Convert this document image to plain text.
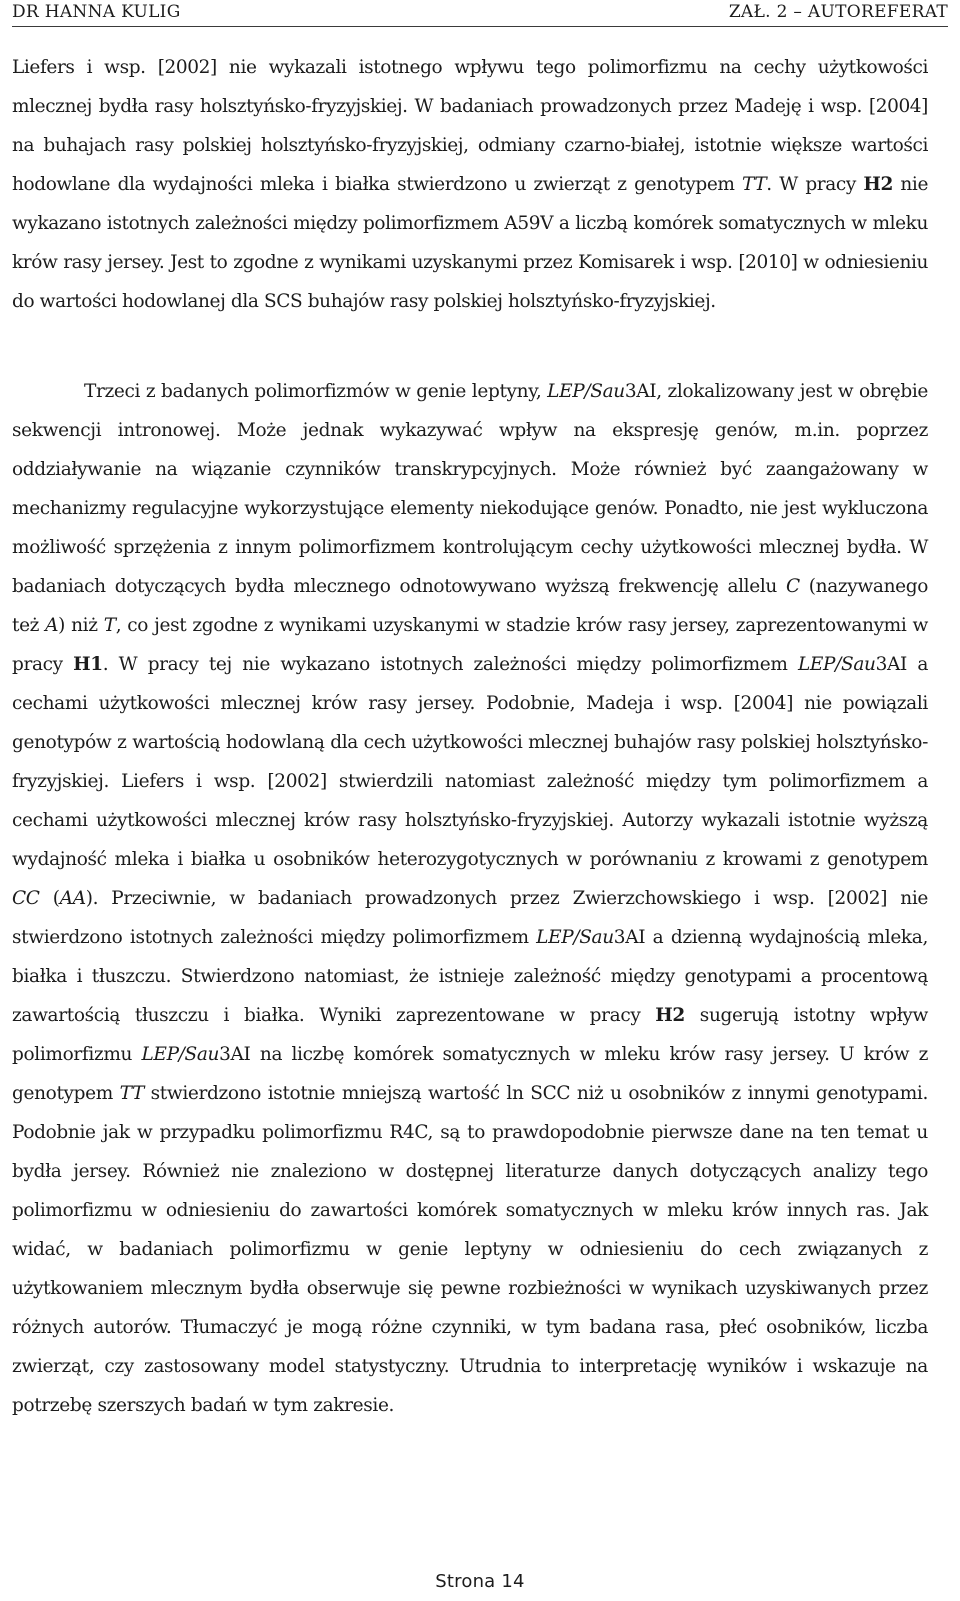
DR HANNA KULIG	ZAŁ. 2 – AUTOREFERAT
Liefers i wsp. [2002] nie wykazali istotnego wpływu tego polimorfizmu na cechy użytkowości mlecznej bydła rasy holsztyńsko-fryzyjskiej. W badaniach prowadzonych przez Madeję i wsp. [2004] na buhajach rasy polskiej holsztyńsko-fryzyjskiej, odmiany czarno-białej, istotnie większe wartości hodowlane dla wydajności mleka i białka stwierdzono u zwierząt z genotypem TT. W pracy H2 nie wykazano istotnych zależności między polimorfizmem A59V a liczbą komórek somatycznych w mleku krów rasy jersey. Jest to zgodne z wynikami uzyskanymi przez Komisarek i wsp. [2010] w odniesieniu do wartości hodowlanej dla SCS buhajów rasy polskiej holsztyńsko-fryzyjskiej.
Trzeci z badanych polimorfizmów w genie leptyny, LEP/Sau3AI, zlokalizowany jest w obrębie sekwencji intronowej. Może jednak wykazywać wpływ na ekspresję genów, m.in. poprzez oddziaływanie na wiązanie czynników transkrypcyjnych. Może również być zaangażowany w mechanizmy regulacyjne wykorzystujące elementy niekodujące genów. Ponadto, nie jest wykluczona możliwość sprzężenia z innym polimorfizmem kontrolującym cechy użytkowości mlecznej bydła. W badaniach dotyczących bydła mlecznego odnotowywano wyższą frekwencję allelu C (nazywanego też A) niż T, co jest zgodne z wynikami uzyskanymi w stadzie krów rasy jersey, zaprezentowanymi w pracy H1. W pracy tej nie wykazano istotnych zależności między polimorfizmem LEP/Sau3AI a cechami użytkowości mlecznej krów rasy jersey. Podobnie, Madeja i wsp. [2004] nie powiązali genotypów z wartością hodowlaną dla cech użytkowości mlecznej buhajów rasy polskiej holsztyńsko-fryzyjskiej. Liefers i wsp. [2002] stwierdzili natomiast zależność między tym polimorfizmem a cechami użytkowości mlecznej krów rasy holsztyńsko-fryzyjskiej. Autorzy wykazali istotnie wyższą wydajność mleka i białka u osobników heterozygotycznych w porównaniu z krowami z genotypem CC (AA). Przeciwnie, w badaniach prowadzonych przez Zwierzchowskiego i wsp. [2002] nie stwierdzono istotnych zależności między polimorfizmem LEP/Sau3AI a dzienną wydajnością mleka, białka i tłuszczu. Stwierdzono natomiast, że istnieje zależność między genotypami a procentową zawartością tłuszczu i białka. Wyniki zaprezentowane w pracy H2 sugerują istotny wpływ polimorfizmu LEP/Sau3AI na liczbę komórek somatycznych w mleku krów rasy jersey. U krów z genotypem TT stwierdzono istotnie mniejszą wartość ln SCC niż u osobników z innymi genotypami. Podobnie jak w przypadku polimorfizmu R4C, są to prawdopodobnie pierwsze dane na ten temat u bydła jersey. Również nie znaleziono w dostępnej literaturze danych dotyczących analizy tego polimorfizmu w odniesieniu do zawartości komórek somatycznych w mleku krów innych ras. Jak widać, w badaniach polimorfizmu w genie leptyny w odniesieniu do cech związanych z użytkowaniem mlecznym bydła obserwuje się pewne rozbieżności w wynikach uzyskiwanych przez różnych autorów. Tłumaczyć je mogą różne czynniki, w tym badana rasa, płeć osobników, liczba zwierząt, czy zastosowany model statystyczny. Utrudnia to interpretację wyników i wskazuje na potrzebę szerszych badań w tym zakresie.
Strona 14
